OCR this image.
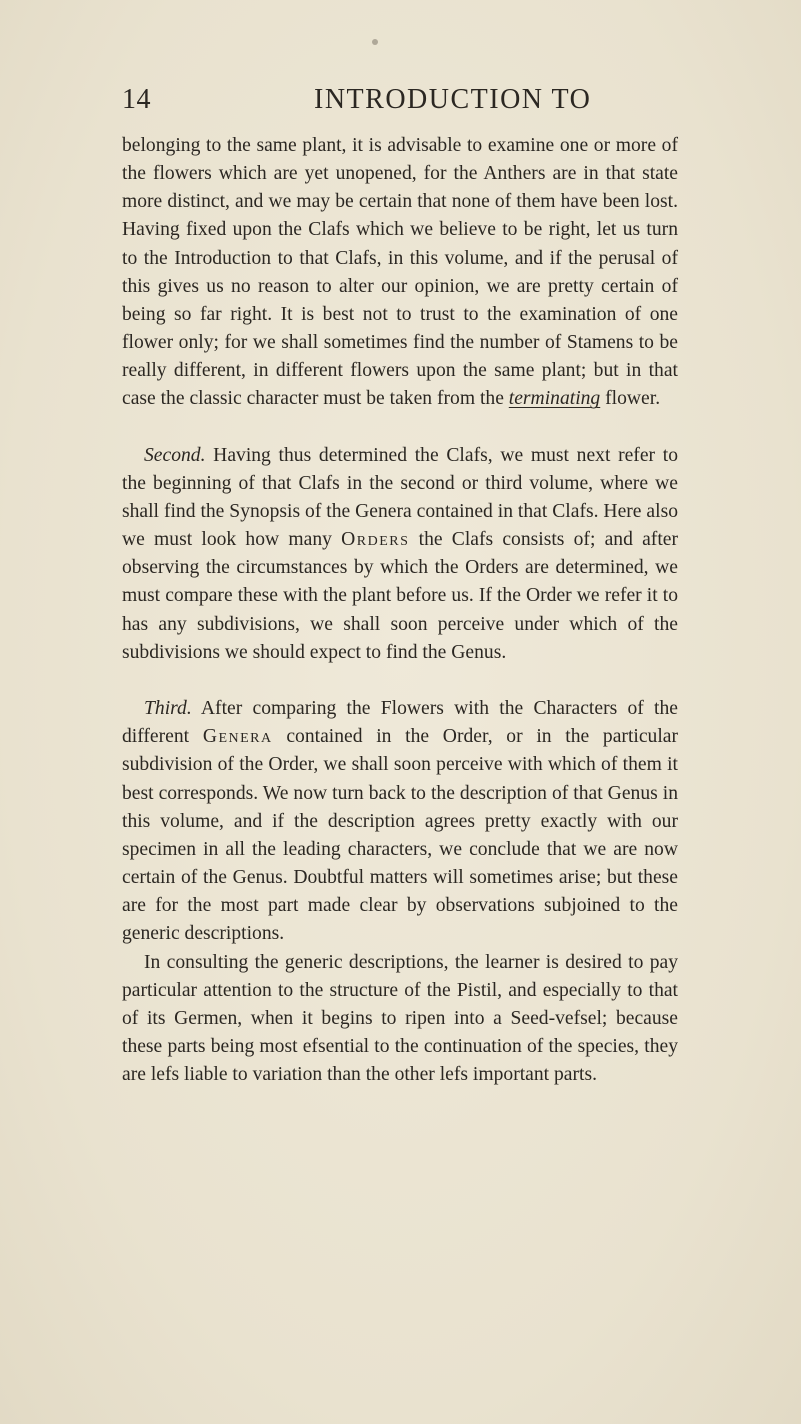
14	INTRODUCTION TO

belonging to the same plant, it is advisable to examine one or more of the flowers which are yet unopened, for the Anthers are in that state more distinct, and we may be certain that none of them have been lost. Having fixed upon the Clafs which we believe to be right, let us turn to the Introduction to that Clafs, in this volume, and if the perusal of this gives us no reason to alter our opinion, we are pretty certain of being so far right. It is best not to trust to the examination of one flower only; for we shall sometimes find the number of Stamens to be really different, in different flowers upon the same plant; but in that case the classic character must be taken from the terminating flower.

Second. Having thus determined the Clafs, we must next refer to the beginning of that Clafs in the second or third volume, where we shall find the Synopsis of the Genera contained in that Clafs. Here also we must look how many Orders the Clafs consists of; and after observing the circumstances by which the Orders are determined, we must compare these with the plant before us. If the Order we refer it to has any subdivisions, we shall soon perceive under which of the subdivisions we should expect to find the Genus.

Third. After comparing the Flowers with the Characters of the different Genera contained in the Order, or in the particular subdivision of the Order, we shall soon perceive with which of them it best corresponds. We now turn back to the description of that Genus in this volume, and if the description agrees pretty exactly with our specimen in all the leading characters, we conclude that we are now certain of the Genus. Doubtful matters will sometimes arise; but these are for the most part made clear by observations subjoined to the generic descriptions.

In consulting the generic descriptions, the learner is desired to pay particular attention to the structure of the Pistil, and especially to that of its Germen, when it begins to ripen into a Seed-vefsel; because these parts being most efsential to the continuation of the species, they are lefs liable to variation than the other lefs important parts.
